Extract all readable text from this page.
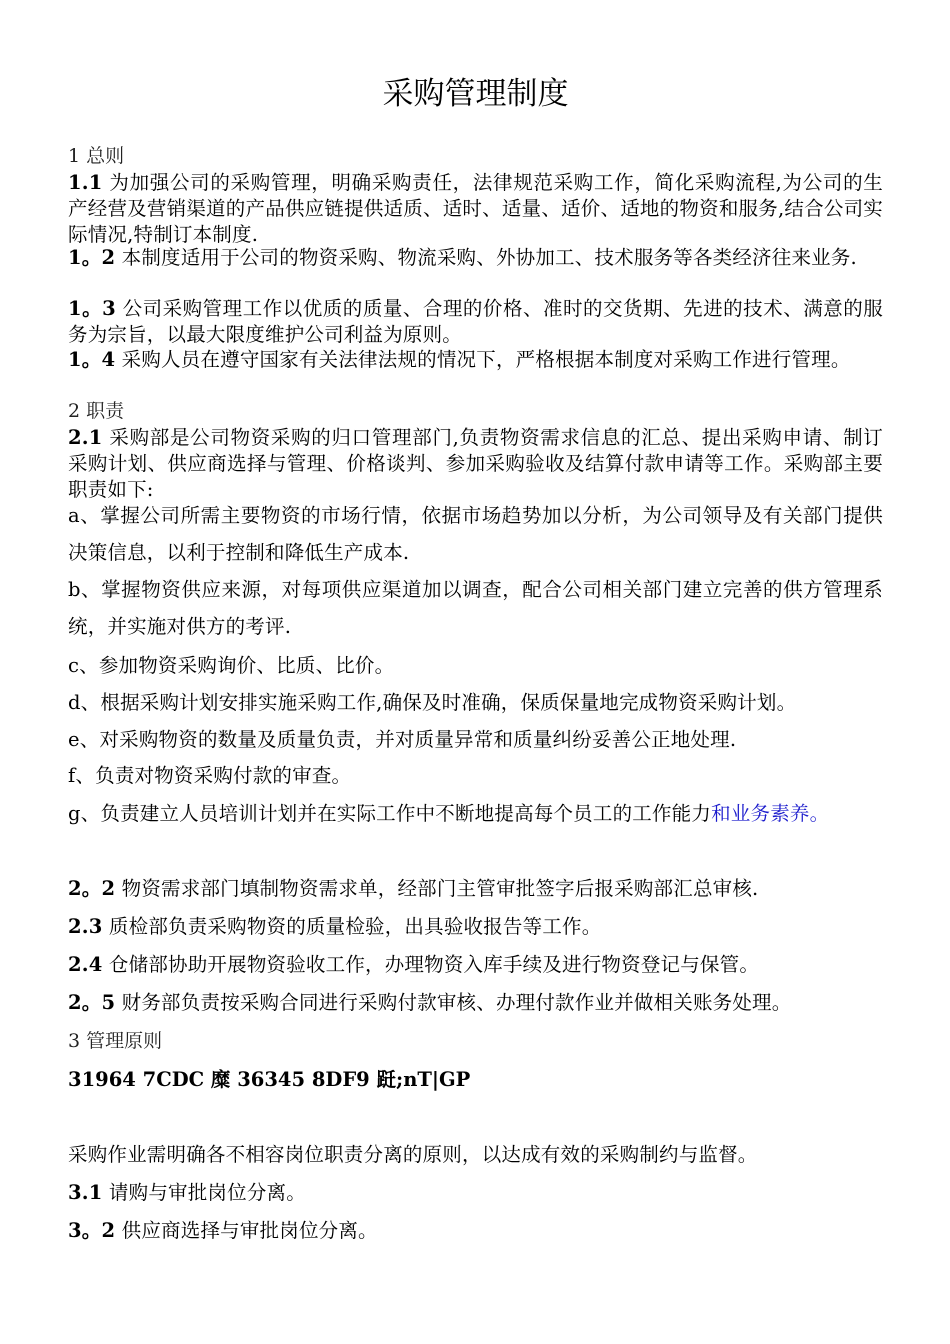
采购管理制度
1 总则
1.1 为加强公司的采购管理，明确采购责任，法律规范采购工作，简化采购流程,为公司的生产经营及营销渠道的产品供应链提供适质、适时、适量、适价、适地的物资和服务,结合公司实际情况,特制订本制度.
1。2 本制度适用于公司的物资采购、物流采购、外协加工、技术服务等各类经济往来业务.
1。3 公司采购管理工作以优质的质量、合理的价格、准时的交货期、先进的技术、满意的服务为宗旨，以最大限度维护公司利益为原则。
1。4 采购人员在遵守国家有关法律法规的情况下，严格根据本制度对采购工作进行管理。
2 职责
2.1 采购部是公司物资采购的归口管理部门,负责物资需求信息的汇总、提出采购申请、制订采购计划、供应商选择与管理、价格谈判、参加采购验收及结算付款申请等工作。采购部主要职责如下:
a、掌握公司所需主要物资的市场行情，依据市场趋势加以分析，为公司领导及有关部门提供决策信息，以利于控制和降低生产成本.
b、掌握物资供应来源，对每项供应渠道加以调查，配合公司相关部门建立完善的供方管理系统，并实施对供方的考评.
c、参加物资采购询价、比质、比价。
d、根据采购计划安排实施采购工作,确保及时准确，保质保量地完成物资采购计划。
e、对采购物资的数量及质量负责，并对质量异常和质量纠纷妥善公正地处理.
f、负责对物资采购付款的审查。
g、负责建立人员培训计划并在实际工作中不断地提高每个员工的工作能力和业务素养。
2。2 物资需求部门填制物资需求单，经部门主管审批签字后报采购部汇总审核.
2.3 质检部负责采购物资的质量检验，出具验收报告等工作。
2.4 仓储部协助开展物资验收工作，办理物资入库手续及进行物资登记与保管。
2。5 财务部负责按采购合同进行采购付款审核、办理付款作业并做相关账务处理。
3 管理原则
31964 7CDC 糜 36345 8DF9 跹;nT|GP
采购作业需明确各不相容岗位职责分离的原则，以达成有效的采购制约与监督。
3.1 请购与审批岗位分离。
3。2 供应商选择与审批岗位分离。
